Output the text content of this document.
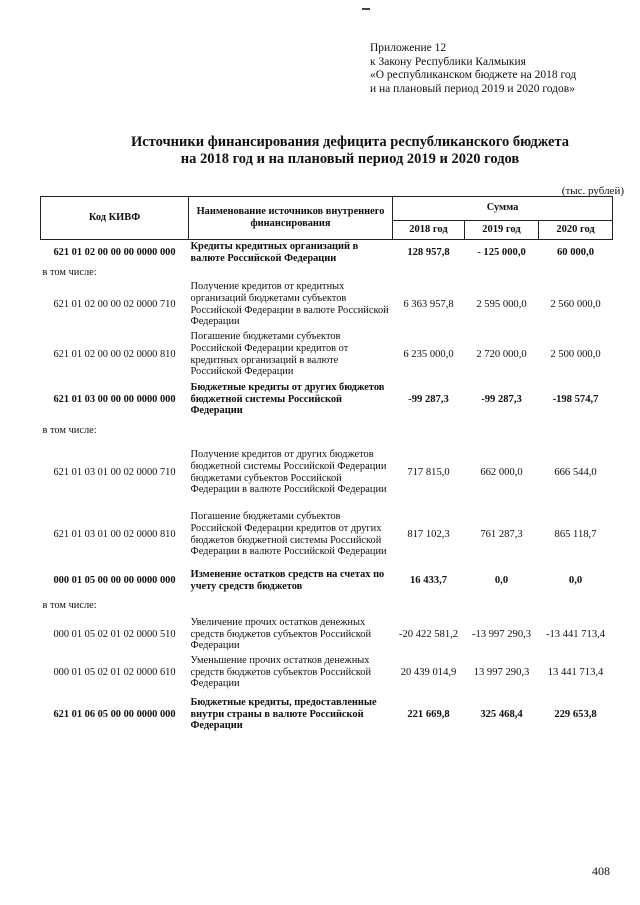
Приложение 12
к Закону Республики Калмыкия
«О республиканском бюджете на 2018 год
и на плановый период 2019 и 2020 годов»
Источники финансирования дефицита республиканского бюджета
на 2018 год и на плановый период 2019 и 2020 годов
(тыс. рублей)
Код КИВФ	Наименование источников внутреннего финансирования	Сумма		
		2018 год	2019 год	2020 год
621 01 02 00 00 00 0000 000	Кредиты кредитных организаций в валюте Российской Федерации	128 957,8	- 125 000,0	60 000,0
в том числе:				
621 01 02 00 00 02 0000 710	Получение кредитов от кредитных организаций бюджетами субъектов Российской Федерации в валюте Российской Федерации	6 363 957,8	2 595 000,0	2 560 000,0
621 01 02 00 00 02 0000 810	Погашение бюджетами субъектов Российской Федерации кредитов от кредитных организаций в валюте Российской Федерации	6 235 000,0	2 720 000,0	2 500 000,0
621 01 03 00 00 00 0000 000	Бюджетные кредиты от других бюджетов бюджетной системы Российской Федерации	-99 287,3	-99 287,3	-198 574,7
в том числе:				
621 01 03 01 00 02 0000 710	Получение кредитов от других бюджетов бюджетной системы Российской Федерации бюджетами субъектов Российской Федерации в валюте Российской Федерации	717 815,0	662 000,0	666 544,0
621 01 03 01 00 02 0000 810	Погашение бюджетами субъектов Российской Федерации кредитов от других бюджетов бюджетной системы Российской Федерации в валюте Российской Федерации	817 102,3	761 287,3	865 118,7
000 01 05 00 00 00 0000 000	Изменение остатков средств на счетах по учету средств бюджетов	16 433,7	0,0	0,0
в том числе:				
000 01 05 02 01 02 0000 510	Увеличение прочих остатков денежных средств бюджетов субъектов Российской Федерации	-20 422 581,2	-13 997 290,3	-13 441 713,4
000 01 05 02 01 02 0000 610	Уменьшение прочих остатков денежных средств бюджетов субъектов Российской Федерации	20 439 014,9	13 997 290,3	13 441 713,4
621 01 06 05 00 00 0000 000	Бюджетные кредиты, предоставленные внутри страны в валюте Российской Федерации	221 669,8	325 468,4	229 653,8
408
